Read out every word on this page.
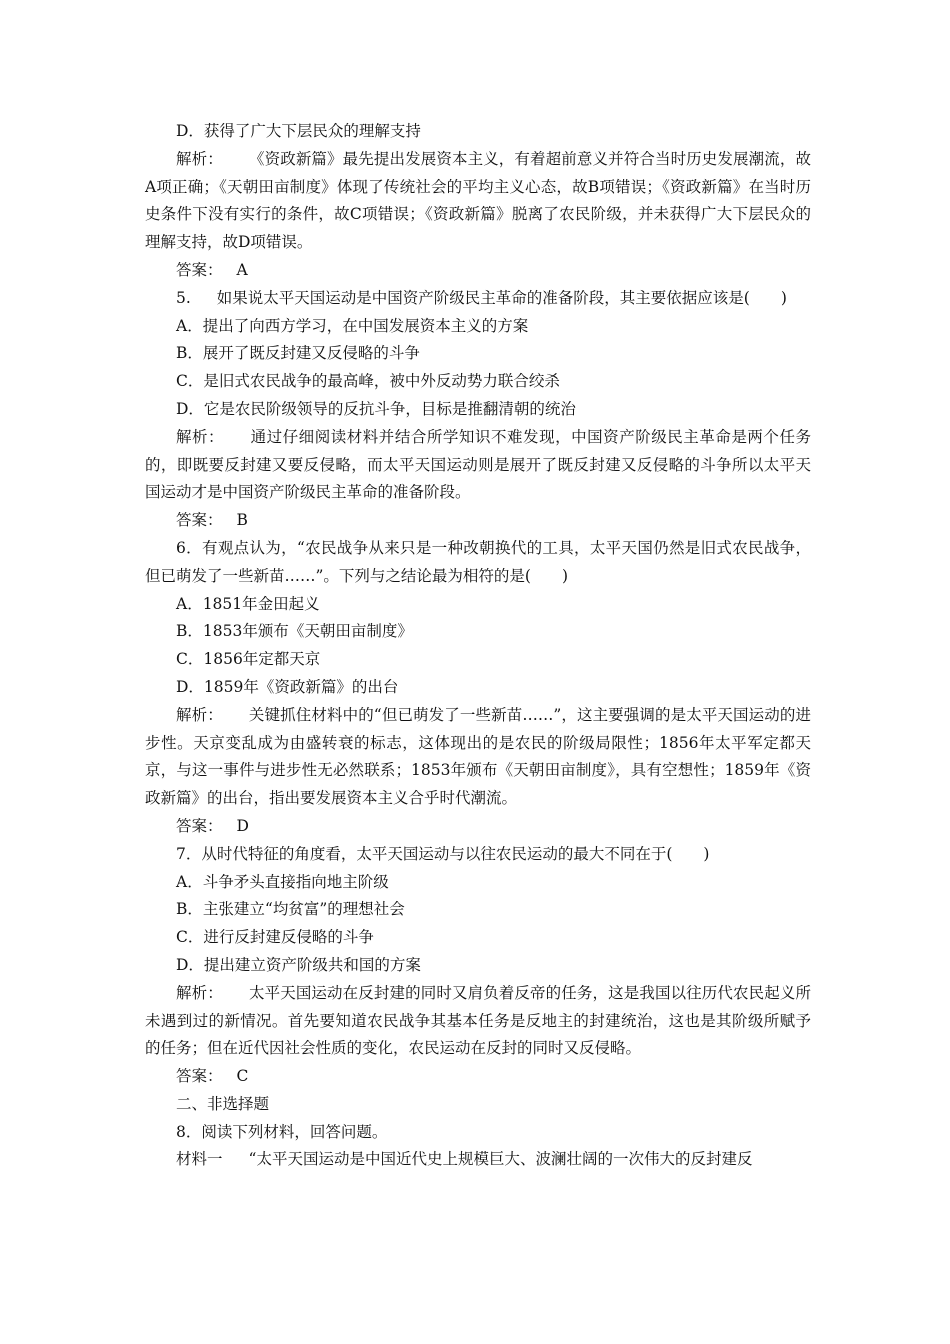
D．获得了广大下层民众的理解支持

解析： 《资政新篇》最先提出发展资本主义，有着超前意义并符合当时历史发展潮流，故A项正确；《天朝田亩制度》体现了传统社会的平均主义心态，故B项错误；《资政新篇》在当时历史条件下没有实行的条件，故C项错误；《资政新篇》脱离了农民阶级，并未获得广大下层民众的理解支持，故D项错误。

答案： A

5. 如果说太平天国运动是中国资产阶级民主革命的准备阶段，其主要依据应该是(　　)

A．提出了向西方学习，在中国发展资本主义的方案

B．展开了既反封建又反侵略的斗争

C．是旧式农民战争的最高峰，被中外反动势力联合绞杀

D．它是农民阶级领导的反抗斗争，目标是推翻清朝的统治

解析： 通过仔细阅读材料并结合所学知识不难发现，中国资产阶级民主革命是两个任务的，即既要反封建又要反侵略，而太平天国运动则是展开了既反封建又反侵略的斗争所以太平天国运动才是中国资产阶级民主革命的准备阶段。

答案： B

6．有观点认为，“农民战争从来只是一种改朝换代的工具，太平天国仍然是旧式农民战争，但已萌发了一些新苗……”。下列与之结论最为相符的是(　　)

A．1851年金田起义

B．1853年颁布《天朝田亩制度》

C．1856年定都天京

D．1859年《资政新篇》的出台

解析： 关键抓住材料中的“但已萌发了一些新苗……”，这主要强调的是太平天国运动的进步性。天京变乱成为由盛转衰的标志，这体现出的是农民的阶级局限性；1856年太平军定都天京，与这一事件与进步性无必然联系；1853年颁布《天朝田亩制度》，具有空想性；1859年《资政新篇》的出台，指出要发展资本主义合乎时代潮流。

答案： D

7．从时代特征的角度看，太平天国运动与以往农民运动的最大不同在于(　　)

A．斗争矛头直接指向地主阶级

B．主张建立“均贫富”的理想社会

C．进行反封建反侵略的斗争

D．提出建立资产阶级共和国的方案

解析： 太平天国运动在反封建的同时又肩负着反帝的任务，这是我国以往历代农民起义所未遇到过的新情况。首先要知道农民战争其基本任务是反地主的封建统治，这也是其阶级所赋予的任务；但在近代因社会性质的变化，农民运动在反封的同时又反侵略。

答案： C

二、非选择题

8．阅读下列材料，回答问题。

材料一 “太平天国运动是中国近代史上规模巨大、波澜壮阔的一次伟大的反封建反
